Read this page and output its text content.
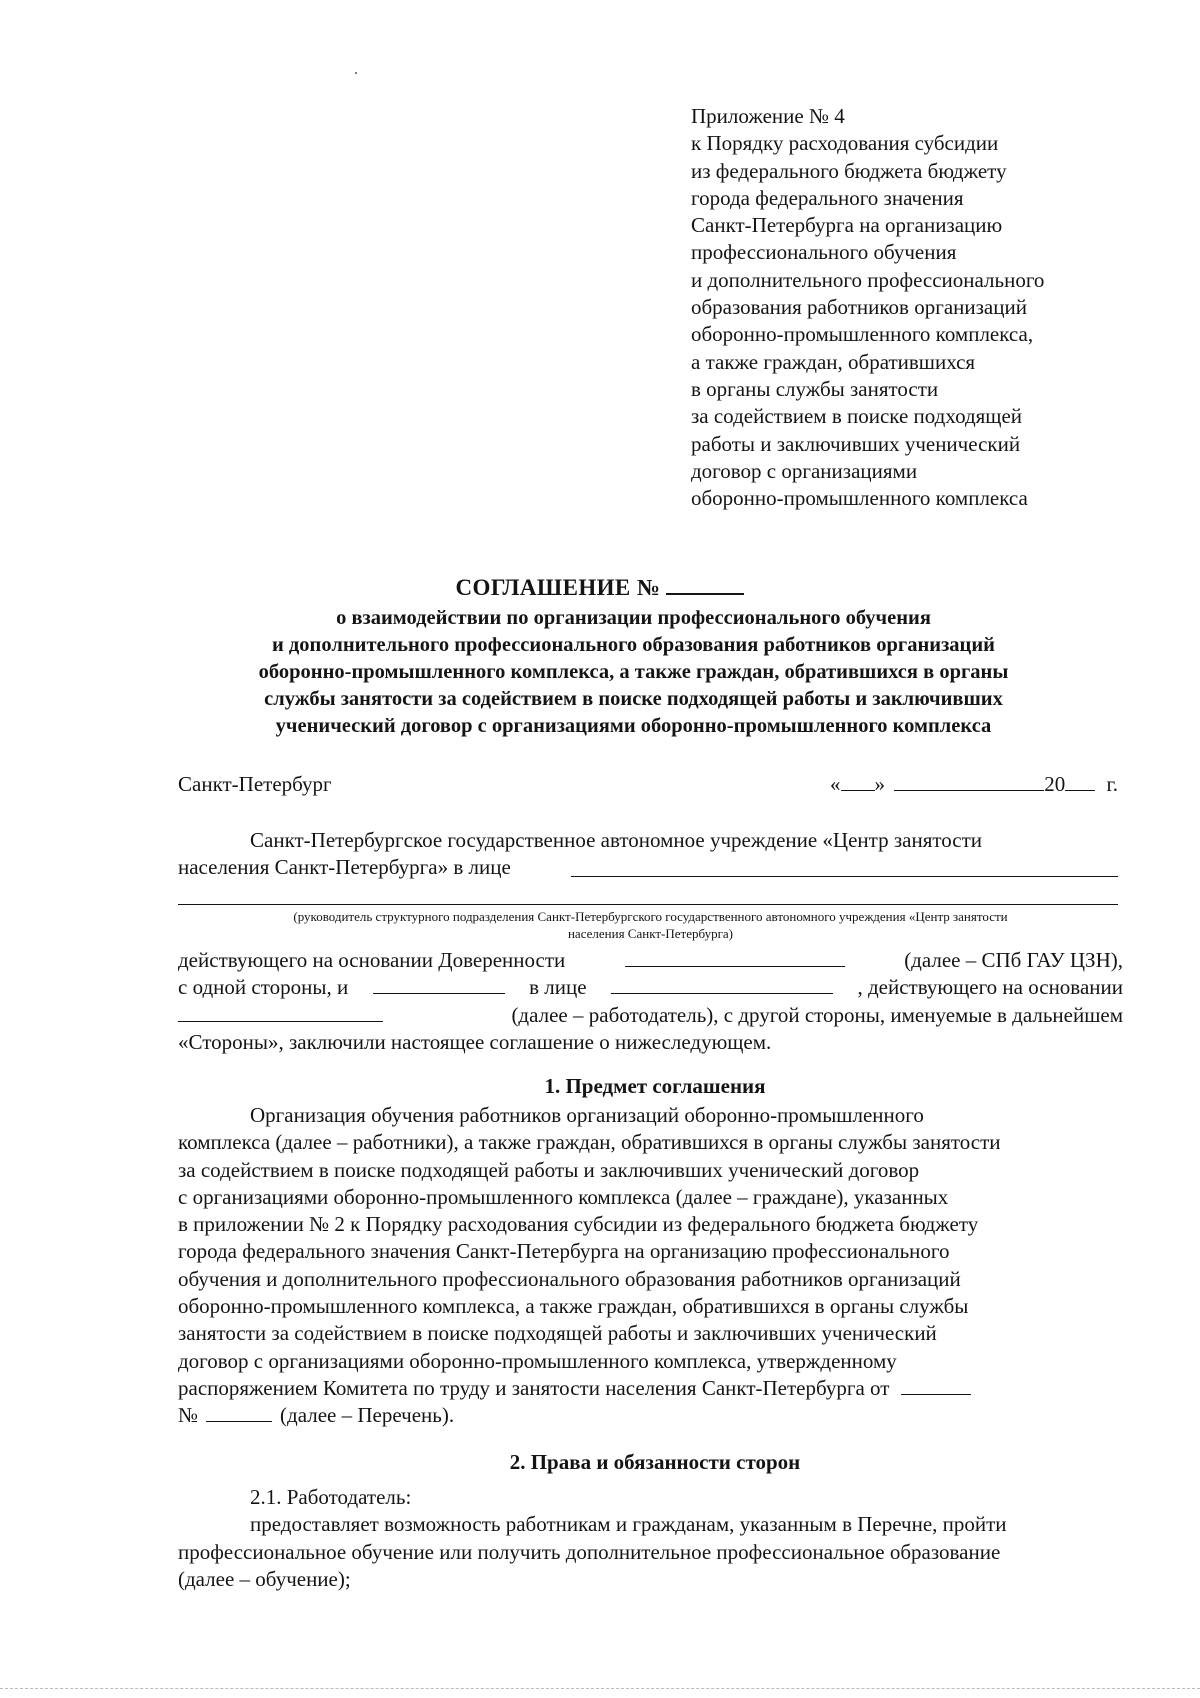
Приложение № 4
к Порядку расходования субсидии
из федерального бюджета бюджету
города федерального значения
Санкт-Петербурга на организацию
профессионального обучения
и дополнительного профессионального
образования работников организаций
оборонно-промышленного комплекса,
а также граждан, обратившихся
в органы службы занятости
за содействием в поиске подходящей
работы и заключивших ученический
договор с организациями
оборонно-промышленного комплекса
СОГЛАШЕНИЕ №
о взаимодействии по организации профессионального обучения
и дополнительного профессионального образования работников организаций
оборонно-промышленного комплекса, а также граждан, обратившихся в органы
службы занятости за содействием в поиске подходящей работы и заключивших
ученический договор с организациями оборонно-промышленного комплекса
Санкт-Петербург	« »	20 г.
Санкт-Петербургское государственное автономное учреждение «Центр занятости
населения Санкт-Петербурга» в лице
(руководитель структурного подразделения Санкт-Петербургского государственного автономного учреждения «Центр занятости
населения Санкт-Петербурга)
действующего на основании Доверенности	(далее – СПб ГАУ ЦЗН),
с одной стороны, и	в лице	, действующего на основании
(далее – работодатель), с другой стороны, именуемые в дальнейшем
«Стороны», заключили настоящее соглашение о нижеследующем.
1. Предмет соглашения
Организация обучения работников организаций оборонно-промышленного
комплекса (далее – работники), а также граждан, обратившихся в органы службы занятости
за содействием в поиске подходящей работы и заключивших ученический договор
с организациями оборонно-промышленного комплекса (далее – граждане), указанных
в приложении № 2 к Порядку расходования субсидии из федерального бюджета бюджету
города федерального значения Санкт-Петербурга на организацию профессионального
обучения и дополнительного профессионального образования работников организаций
оборонно-промышленного комплекса, а также граждан, обратившихся в органы службы
занятости за содействием в поиске подходящей работы и заключивших ученический
договор с организациями оборонно-промышленного комплекса, утвержденному
распоряжением Комитета по труду и занятости населения Санкт-Петербурга от
№	(далее – Перечень).
2. Права и обязанности сторон
2.1. Работодатель:
предоставляет возможность работникам и гражданам, указанным в Перечне, пройти
профессиональное обучение или получить дополнительное профессиональное образование
(далее – обучение);
